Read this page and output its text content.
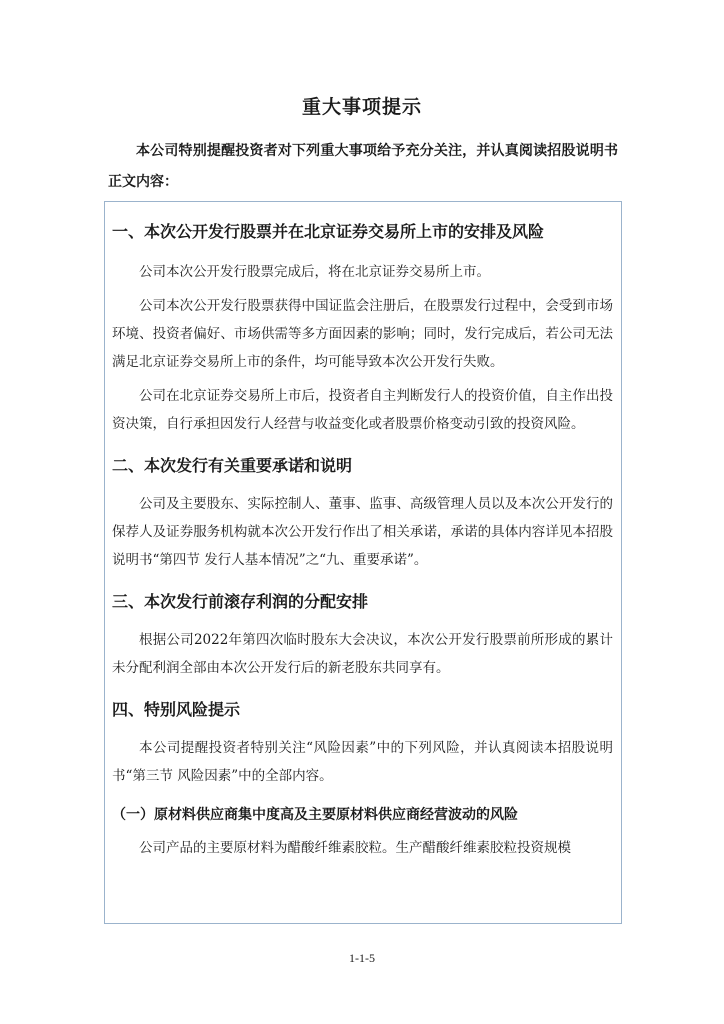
重大事项提示

本公司特别提醒投资者对下列重大事项给予充分关注，并认真阅读招股说明书正文内容：

一、本次公开发行股票并在北京证券交易所上市的安排及风险

公司本次公开发行股票完成后，将在北京证券交易所上市。

公司本次公开发行股票获得中国证监会注册后，在股票发行过程中，会受到市场环境、投资者偏好、市场供需等多方面因素的影响；同时，发行完成后，若公司无法满足北京证券交易所上市的条件，均可能导致本次公开发行失败。

公司在北京证券交易所上市后，投资者自主判断发行人的投资价值，自主作出投资决策，自行承担因发行人经营与收益变化或者股票价格变动引致的投资风险。

二、本次发行有关重要承诺和说明

公司及主要股东、实际控制人、董事、监事、高级管理人员以及本次公开发行的保荐人及证券服务机构就本次公开发行作出了相关承诺，承诺的具体内容详见本招股说明书“第四节 发行人基本情况”之“九、重要承诺”。

三、本次发行前滚存利润的分配安排

根据公司2022年第四次临时股东大会决议，本次公开发行股票前所形成的累计未分配利润全部由本次公开发行后的新老股东共同享有。

四、特别风险提示

本公司提醒投资者特别关注“风险因素”中的下列风险，并认真阅读本招股说明书“第三节 风险因素”中的全部内容。

（一）原材料供应商集中度高及主要原材料供应商经营波动的风险

公司产品的主要原材料为醋酸纤维素胶粒。生产醋酸纤维素胶粒投资规模

1-1-5
